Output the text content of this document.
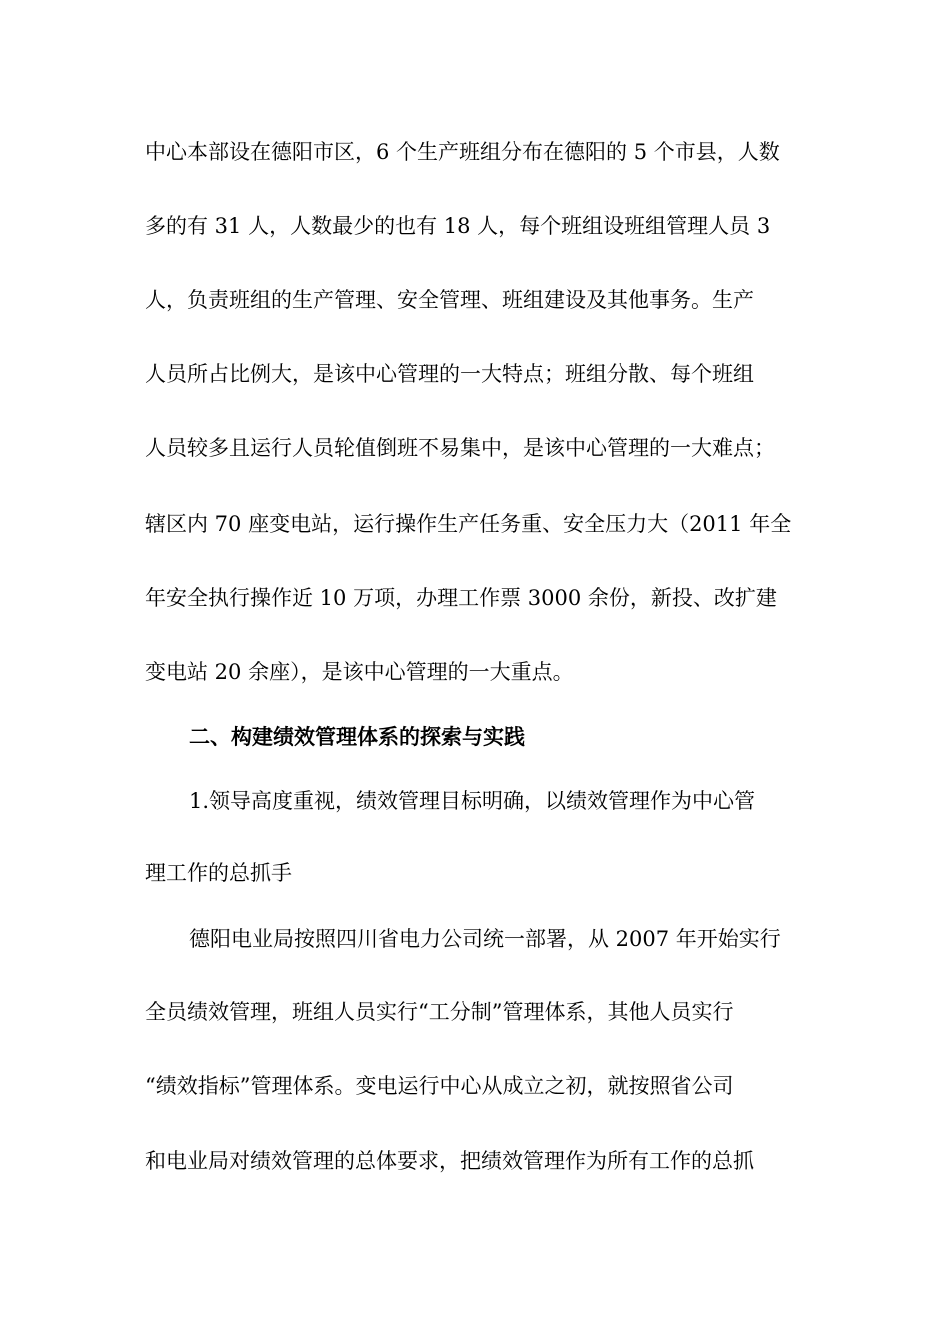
中心本部设在德阳市区，6 个生产班组分布在德阳的 5 个市县，人数
多的有 31 人，人数最少的也有 18 人，每个班组设班组管理人员 3
人，负责班组的生产管理、安全管理、班组建设及其他事务。生产
人员所占比例大，是该中心管理的一大特点；班组分散、每个班组
人员较多且运行人员轮值倒班不易集中，是该中心管理的一大难点；
辖区内 70 座变电站，运行操作生产任务重、安全压力大（2011 年全
年安全执行操作近 10 万项，办理工作票 3000 余份，新投、改扩建
变电站 20 余座），是该中心管理的一大重点。
二、构建绩效管理体系的探索与实践
1.领导高度重视，绩效管理目标明确，以绩效管理作为中心管
理工作的总抓手
德阳电业局按照四川省电力公司统一部署，从 2007 年开始实行
全员绩效管理，班组人员实行“工分制”管理体系，其他人员实行
“绩效指标”管理体系。变电运行中心从成立之初，就按照省公司
和电业局对绩效管理的总体要求，把绩效管理作为所有工作的总抓
